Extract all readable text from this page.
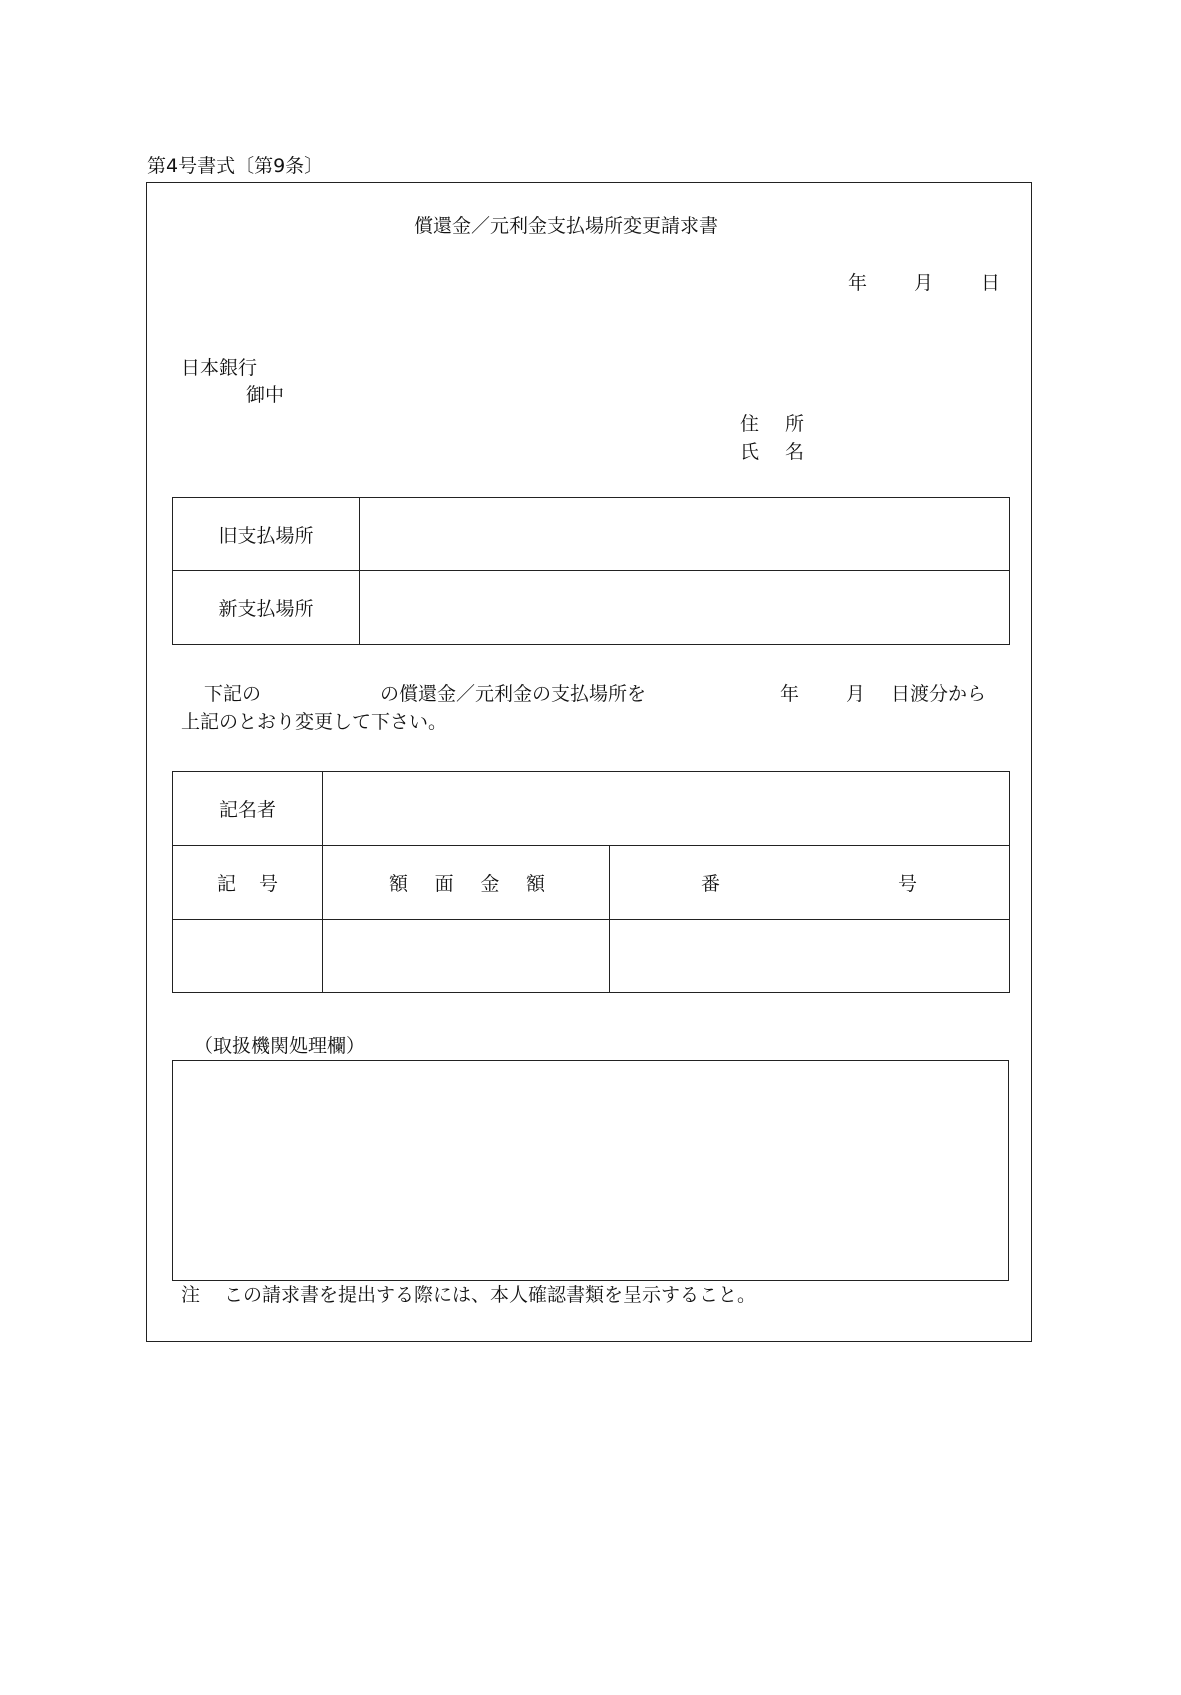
第4号書式〔第9条〕
償還金／元利金支払場所変更請求書
年 月	日
日本銀行
御中
住 所
氏 名
旧支払場所	
新支払場所	
下記の	の償還金／元利金の支払場所を	年 月 日渡分から
上記のとおり変更して下さい。
記名者		

記 号	額 面 金 額	番 号

（取扱機関処理欄）
注 この請求書を提出する際には、本人確認書類を呈示すること。
